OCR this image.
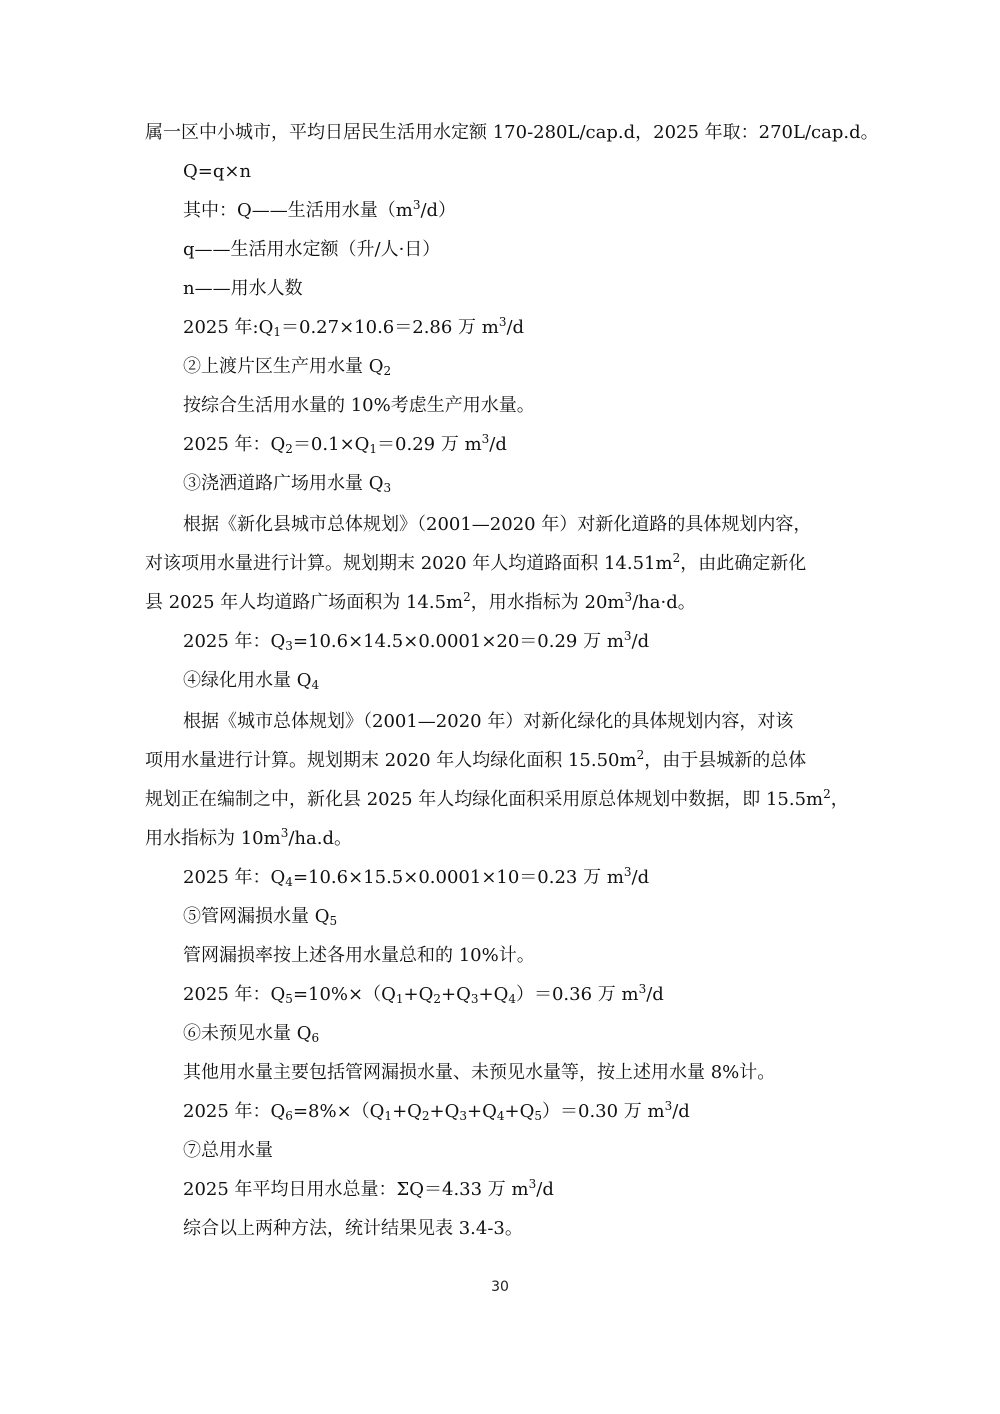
属一区中小城市，平均日居民生活用水定额 170-280L/cap.d，2025 年取：270L/cap.d。

Q=q×n

其中：Q——生活用水量$(m^3/d)$

q——生活用水定额（升/人·日）

n——用水人数

2025 年$:Q_1=0.27\times 10.6=2.86$ 万 $m^3/d$

②上渡片区生产用水量 $Q_2$

按综合生活用水量的 10%考虑生产用水量。

2025 年：$Q_2=0.1\times Q_1=0.29$ 万 $m^3/d$

③浇洒道路广场用水量 $Q_3$

根据《新化县城市总体规划》（2001—2020 年）对新化道路的具体规划内容，

对该项用水量进行计算。规划期末 2020 年人均道路面积 $14.51m^2$，由此确定新化

县 2025 年人均道路广场面积为 $14.5m^2$，用水指标为 $20m^3/ha\cdot d$。

2025 年：$Q_3=10.6\times 14.5\times 0.0001\times 20=0.29$ 万 $m^3/d$

④绿化用水量 $Q_4$

根据《城市总体规划》（2001—2020 年）对新化绿化的具体规划内容，对该

项用水量进行计算。规划期末 2020 年人均绿化面积 $15.50m^2$，由于县城新的总体

规划正在编制之中，新化县 2025 年人均绿化面积采用原总体规划中数据，即 $15.5m^2$，

用水指标为 $10m^3/ha.d$。

2025 年：$Q_4=10.6\times 15.5\times 0.0001\times 10=0.23$ 万 $m^3/d$

⑤管网漏损水量 $Q_5$

管网漏损率按上述各用水量总和的 10%计。

2025 年：$Q_5=10\%\times(Q_1+Q_2+Q_3+Q_4)=0.36$ 万 $m^3/d$

⑥未预见水量 $Q_6$

其他用水量主要包括管网漏损水量、未预见水量等，按上述用水量 8%计。

2025 年：$Q_6=8\%\times(Q_1+Q_2+Q_3+Q_4+Q_5)=0.30$ 万 $m^3/d$

⑦总用水量

2025 年平均日用水总量：ΣQ＝4.33 万 $m^3/d$

综合以上两种方法，统计结果见表 3.4-3。

30
